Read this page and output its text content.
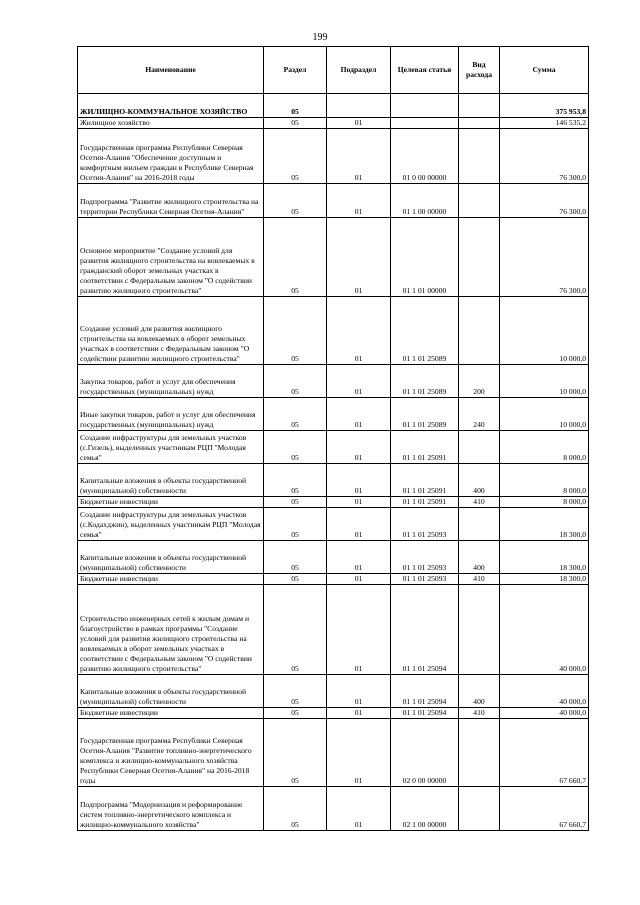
199
Наименование	Раздел	Подраздел	Целевая статья	Вид расхода	Сумма
ЖИЛИЩНО-КОММУНАЛЬНОЕ ХОЗЯЙСТВО	05				375 953,8
Жилищное хозяйство	05	01			146 535,2
Государственная программа Республики Северная Осетия-Алания "Обеспечение доступным и комфортным жильем граждан в Республике Северная Осетия-Алания" на 2016-2018 годы	05	01	01 0 00 00000		76 300,0
Подпрограмма "Развитие жилищного строительства на территории Республики Северная Осетия-Алания"	05	01	01 1 00 00000		76 300,0
Основное мероприятие "Создание условий для развития жилищного строительства на вовлекаемых в гражданский оборот земельных участках в соответствии с Федеральным законом "О содействии развитию жилищного строительства"	05	01	01 1 01 00000		76 300,0
Создание условий для развития жилищного строительства на вовлекаемых в оборот земельных участках в соответствии с Федеральным законом "О содействии развитию жилищного строительства"	05	01	01 1 01 25089		10 000,0
Закупка товаров, работ и услуг для обеспечения государственных (муниципальных) нужд	05	01	01 1 01 25089	200	10 000,0
Иные закупки товаров, работ и услуг для обеспечения государственных (муниципальных) нужд	05	01	01 1 01 25089	240	10 000,0
Создание инфраструктуры для земельных участков (с.Гизель), выделенных участникам РЦП "Молодая семья"	05	01	01 1 01 25091		8 000,0
Капитальные вложения в объекты государственной (муниципальной) собственности	05	01	01 1 01 25091	400	8 000,0
Бюджетные инвестиции	05	01	01 1 01 25091	410	8 000,0
Создание инфраструктуры для земельных участков (с.Кодахджин), выделенных участникам РЦП "Молодая семья"	05	01	01 1 01 25093		18 300,0
Капитальные вложения в объекты государственной (муниципальной) собственности	05	01	01 1 01 25093	400	18 300,0
Бюджетные инвестиции	05	01	01 1 01 25093	410	18 300,0
Строительство инженерных сетей к жилым домам и благоустройство в рамках программы "Создание условий для развития жилищного строительства на вовлекаемых в оборот земельных участках в соответствии с Федеральным законом "О содействии развитию жилищного строительства"	05	01	01 1 01 25094		40 000,0
Капитальные вложения в объекты государственной (муниципальной) собственности	05	01	01 1 01 25094	400	40 000,0
Бюджетные инвестиции	05	01	01 1 01 25094	410	40 000,0
Государственная программа Республики Северная Осетия-Алания "Развитие топливно-энергетического комплекса и жилищно-коммунального хозяйства Республики Северная Осетия-Алания" на 2016-2018 годы	05	01	02 0 00 00000		67 660,7
Подпрограмма "Модернизация и реформирование систем топливно-энергетического комплекса и жилищно-коммунального хозяйства"	05	01	02 1 00 00000		67 660,7
